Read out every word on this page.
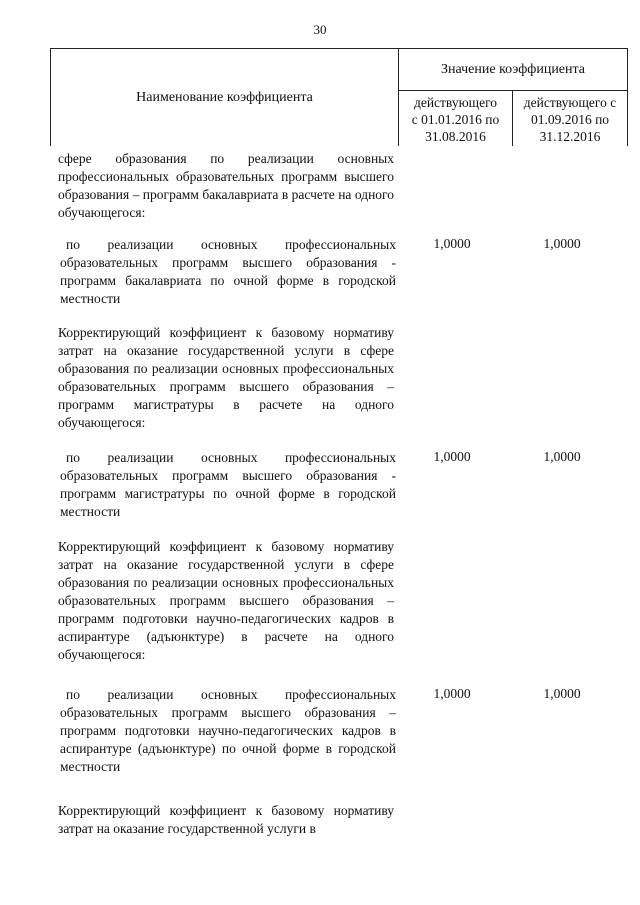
30
Наименование коэффициента
Значение коэффициента
действующего
с 01.01.2016 по
31.08.2016
действующего с
01.09.2016 по
31.12.2016
сфере образования по реализации основных профессиональных образовательных программ высшего образования – программ бакалавриата в расчете на одного обучающегося:
по реализации основных профессиональных образовательных программ высшего образования - программ бакалавриата по очной форме в городской местности
1,0000	1,0000
Корректирующий коэффициент к базовому нормативу затрат на оказание государственной услуги в сфере образования по реализации основных профессиональных образовательных программ высшего образования – программ магистратуры в расчете на одного обучающегося:
по реализации основных профессиональных образовательных программ высшего образования - программ магистратуры по очной форме в городской местности
1,0000	1,0000
Корректирующий коэффициент к базовому нормативу затрат на оказание государственной услуги в сфере образования по реализации основных профессиональных образовательных программ высшего образования – программ подготовки научно-педагогических кадров в аспирантуре (адъюнктуре) в расчете на одного обучающегося:
по реализации основных профессиональных образовательных программ высшего образования – программ подготовки научно-педагогических кадров в аспирантуре (адъюнктуре) по очной форме в городской местности
1,0000	1,0000
Корректирующий коэффициент к базовому нормативу затрат на оказание государственной услуги в
